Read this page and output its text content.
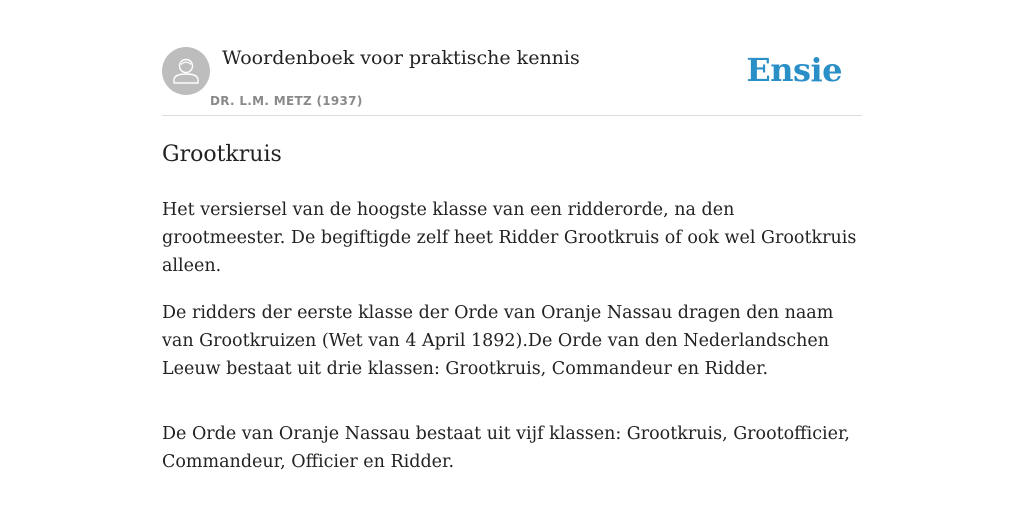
Woordenboek voor praktische kennis
DR. L.M. METZ (1937)
Ensie
Grootkruis

Het versiersel van de hoogste klasse van een ridderorde, na den grootmeester. De begiftigde zelf heet Ridder Grootkruis of ook wel Grootkruis alleen.

De ridders der eerste klasse der Orde van Oranje Nassau dragen den naam van Grootkruizen (Wet van 4 April 1892).De Orde van den Nederlandschen Leeuw bestaat uit drie klassen: Grootkruis, Commandeur en Ridder.

De Orde van Oranje Nassau bestaat uit vijf klassen: Grootkruis, Grootofficier, Commandeur, Officier en Ridder.
